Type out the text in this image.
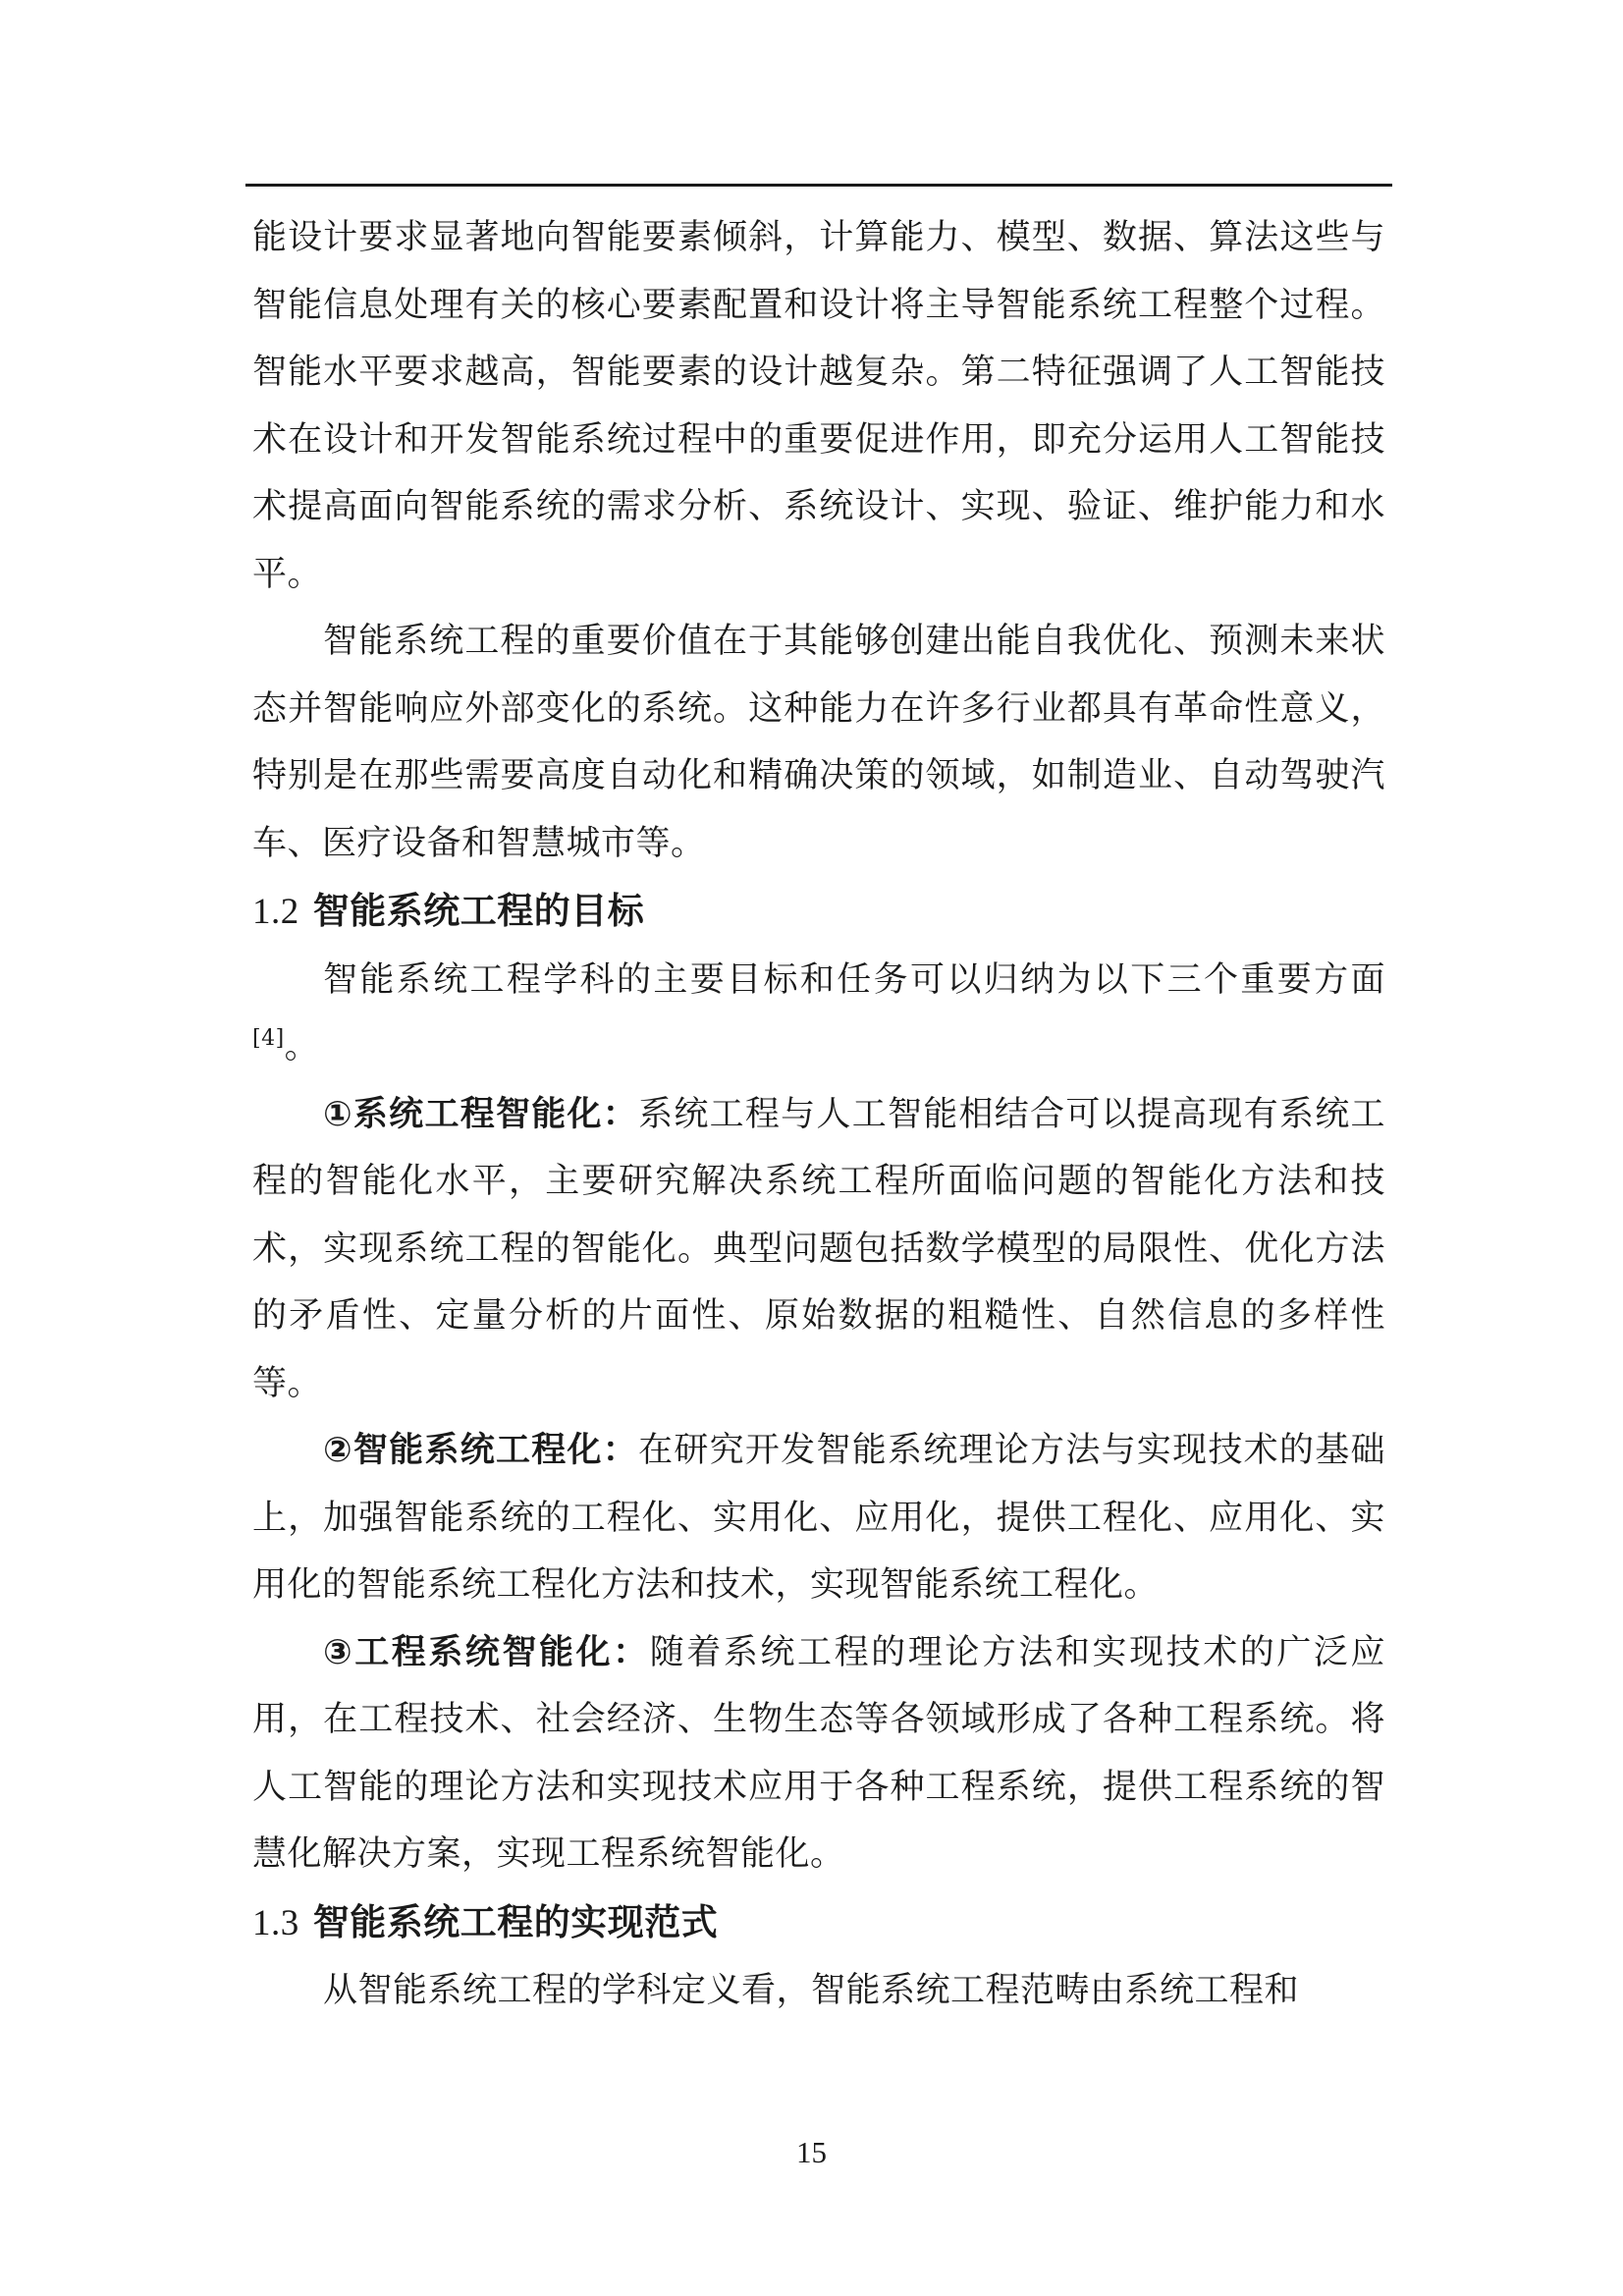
能设计要求显著地向智能要素倾斜，计算能力、模型、数据、算法这些与智能信息处理有关的核心要素配置和设计将主导智能系统工程整个过程。智能水平要求越高，智能要素的设计越复杂。第二特征强调了人工智能技术在设计和开发智能系统过程中的重要促进作用，即充分运用人工智能技术提高面向智能系统的需求分析、系统设计、实现、验证、维护能力和水平。

智能系统工程的重要价值在于其能够创建出能自我优化、预测未来状态并智能响应外部变化的系统。这种能力在许多行业都具有革命性意义，特别是在那些需要高度自动化和精确决策的领域，如制造业、自动驾驶汽车、医疗设备和智慧城市等。

1.2 智能系统工程的目标

智能系统工程学科的主要目标和任务可以归纳为以下三个重要方面[4]。

①系统工程智能化：系统工程与人工智能相结合可以提高现有系统工程的智能化水平，主要研究解决系统工程所面临问题的智能化方法和技术，实现系统工程的智能化。典型问题包括数学模型的局限性、优化方法的矛盾性、定量分析的片面性、原始数据的粗糙性、自然信息的多样性等。

②智能系统工程化：在研究开发智能系统理论方法与实现技术的基础上，加强智能系统的工程化、实用化、应用化，提供工程化、应用化、实用化的智能系统工程化方法和技术，实现智能系统工程化。

③工程系统智能化：随着系统工程的理论方法和实现技术的广泛应用，在工程技术、社会经济、生物生态等各领域形成了各种工程系统。将人工智能的理论方法和实现技术应用于各种工程系统，提供工程系统的智慧化解决方案，实现工程系统智能化。

1.3 智能系统工程的实现范式

从智能系统工程的学科定义看，智能系统工程范畴由系统工程和

15
